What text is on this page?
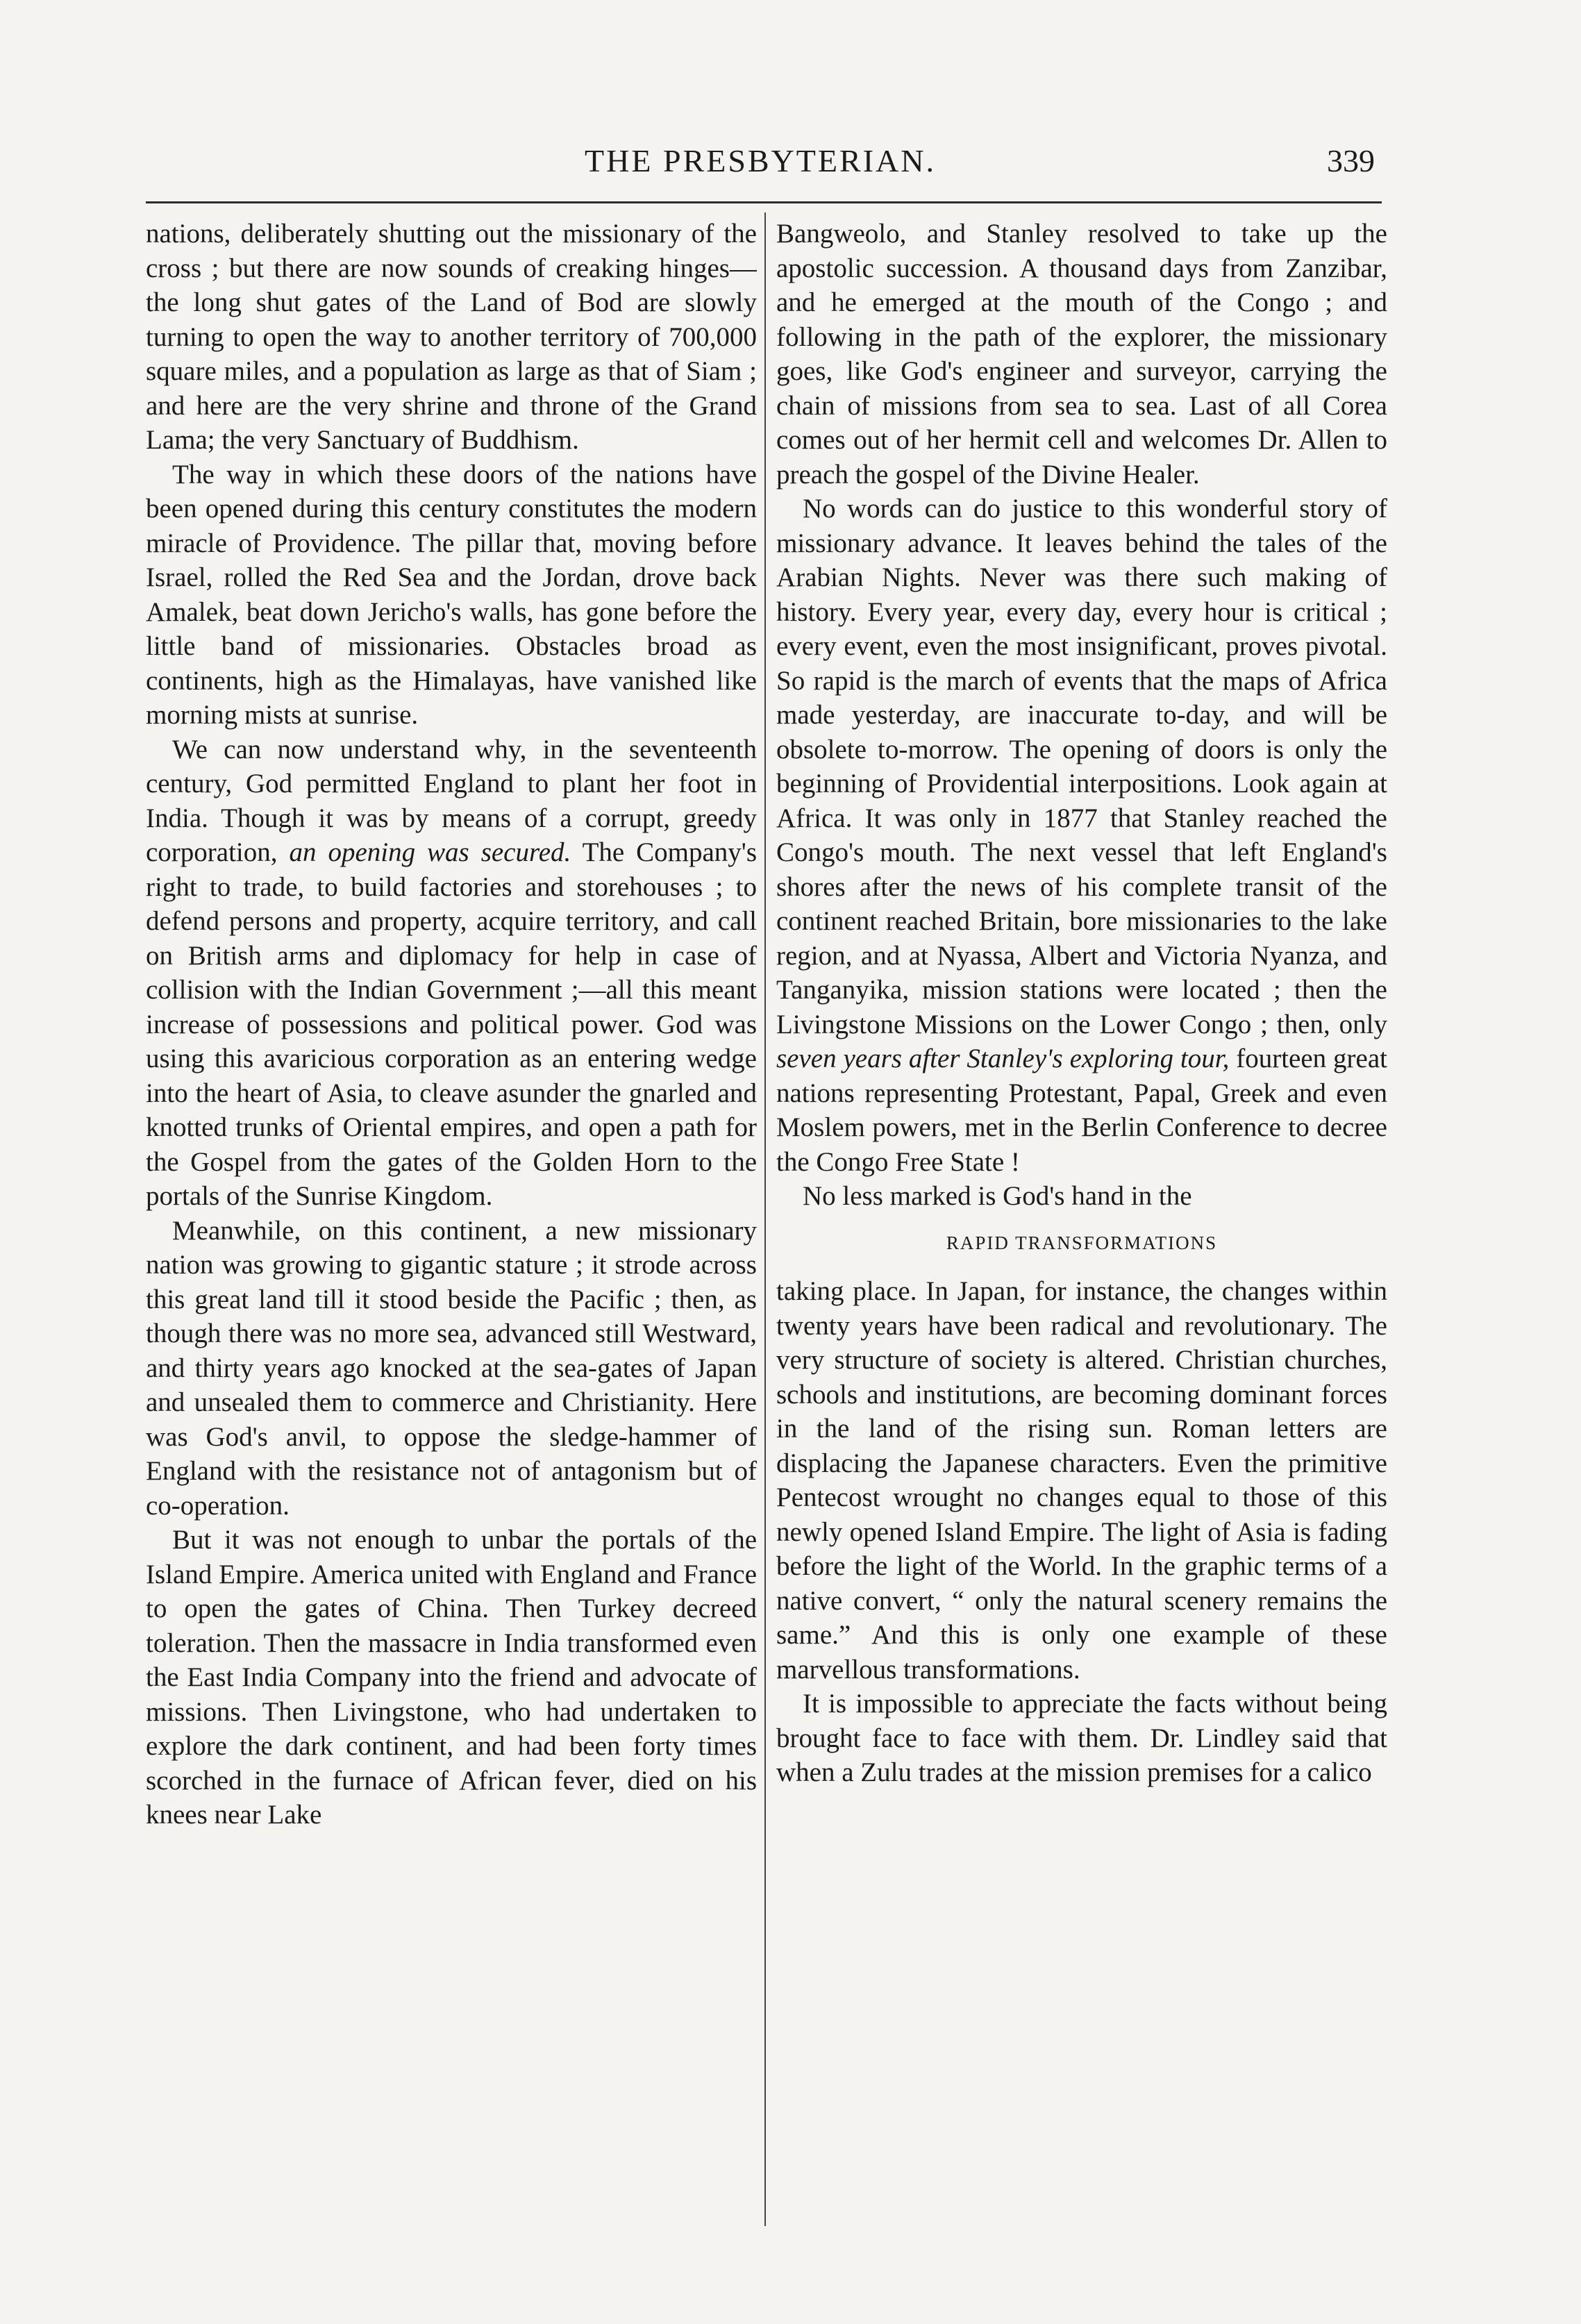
THE PRESBYTERIAN.	339

nations, deliberately shutting out the missionary of the cross ; but there are now sounds of creaking hinges—the long shut gates of the Land of Bod are slowly turning to open the way to another territory of 700,000 square miles, and a population as large as that of Siam ; and here are the very shrine and throne of the Grand Lama; the very Sanctuary of Buddhism.

The way in which these doors of the nations have been opened during this century constitutes the modern miracle of Providence. The pillar that, moving before Israel, rolled the Red Sea and the Jordan, drove back Amalek, beat down Jericho's walls, has gone before the little band of missionaries. Obstacles broad as continents, high as the Himalayas, have vanished like morning mists at sunrise.

We can now understand why, in the seventeenth century, God permitted England to plant her foot in India. Though it was by means of a corrupt, greedy corporation, an opening was secured. The Company's right to trade, to build factories and storehouses ; to defend persons and property, acquire territory, and call on British arms and diplomacy for help in case of collision with the Indian Government ;—all this meant increase of possessions and political power. God was using this avaricious corporation as an entering wedge into the heart of Asia, to cleave asunder the gnarled and knotted trunks of Oriental empires, and open a path for the Gospel from the gates of the Golden Horn to the portals of the Sunrise Kingdom.

Meanwhile, on this continent, a new missionary nation was growing to gigantic stature ; it strode across this great land till it stood beside the Pacific ; then, as though there was no more sea, advanced still Westward, and thirty years ago knocked at the sea-gates of Japan and unsealed them to commerce and Christianity. Here was God's anvil, to oppose the sledge-hammer of England with the resistance not of antagonism but of co-operation.

But it was not enough to unbar the portals of the Island Empire. America united with England and France to open the gates of China. Then Turkey decreed toleration. Then the massacre in India transformed even the East India Company into the friend and advocate of missions. Then Livingstone, who had undertaken to explore the dark continent, and had been forty times scorched in the furnace of African fever, died on his knees near Lake

Bangweolo, and Stanley resolved to take up the apostolic succession. A thousand days from Zanzibar, and he emerged at the mouth of the Congo ; and following in the path of the explorer, the missionary goes, like God's engineer and surveyor, carrying the chain of missions from sea to sea. Last of all Corea comes out of her hermit cell and welcomes Dr. Allen to preach the gospel of the Divine Healer.

No words can do justice to this wonderful story of missionary advance. It leaves behind the tales of the Arabian Nights. Never was there such making of history. Every year, every day, every hour is critical ; every event, even the most insignificant, proves pivotal. So rapid is the march of events that the maps of Africa made yesterday, are inaccurate to-day, and will be obsolete to-morrow. The opening of doors is only the beginning of Providential interpositions. Look again at Africa. It was only in 1877 that Stanley reached the Congo's mouth. The next vessel that left England's shores after the news of his complete transit of the continent reached Britain, bore missionaries to the lake region, and at Nyassa, Albert and Victoria Nyanza, and Tanganyika, mission stations were located ; then the Livingstone Missions on the Lower Congo ; then, only seven years after Stanley's exploring tour, fourteen great nations representing Protestant, Papal, Greek and even Moslem powers, met in the Berlin Conference to decree the Congo Free State !

No less marked is God's hand in the

RAPID TRANSFORMATIONS

taking place. In Japan, for instance, the changes within twenty years have been radical and revolutionary. The very structure of society is altered. Christian churches, schools and institutions, are becoming dominant forces in the land of the rising sun. Roman letters are displacing the Japanese characters. Even the primitive Pentecost wrought no changes equal to those of this newly opened Island Empire. The light of Asia is fading before the light of the World. In the graphic terms of a native convert, “ only the natural scenery remains the same.” And this is only one example of these marvellous transformations.

It is impossible to appreciate the facts without being brought face to face with them. Dr. Lindley said that when a Zulu trades at the mission premises for a calico
